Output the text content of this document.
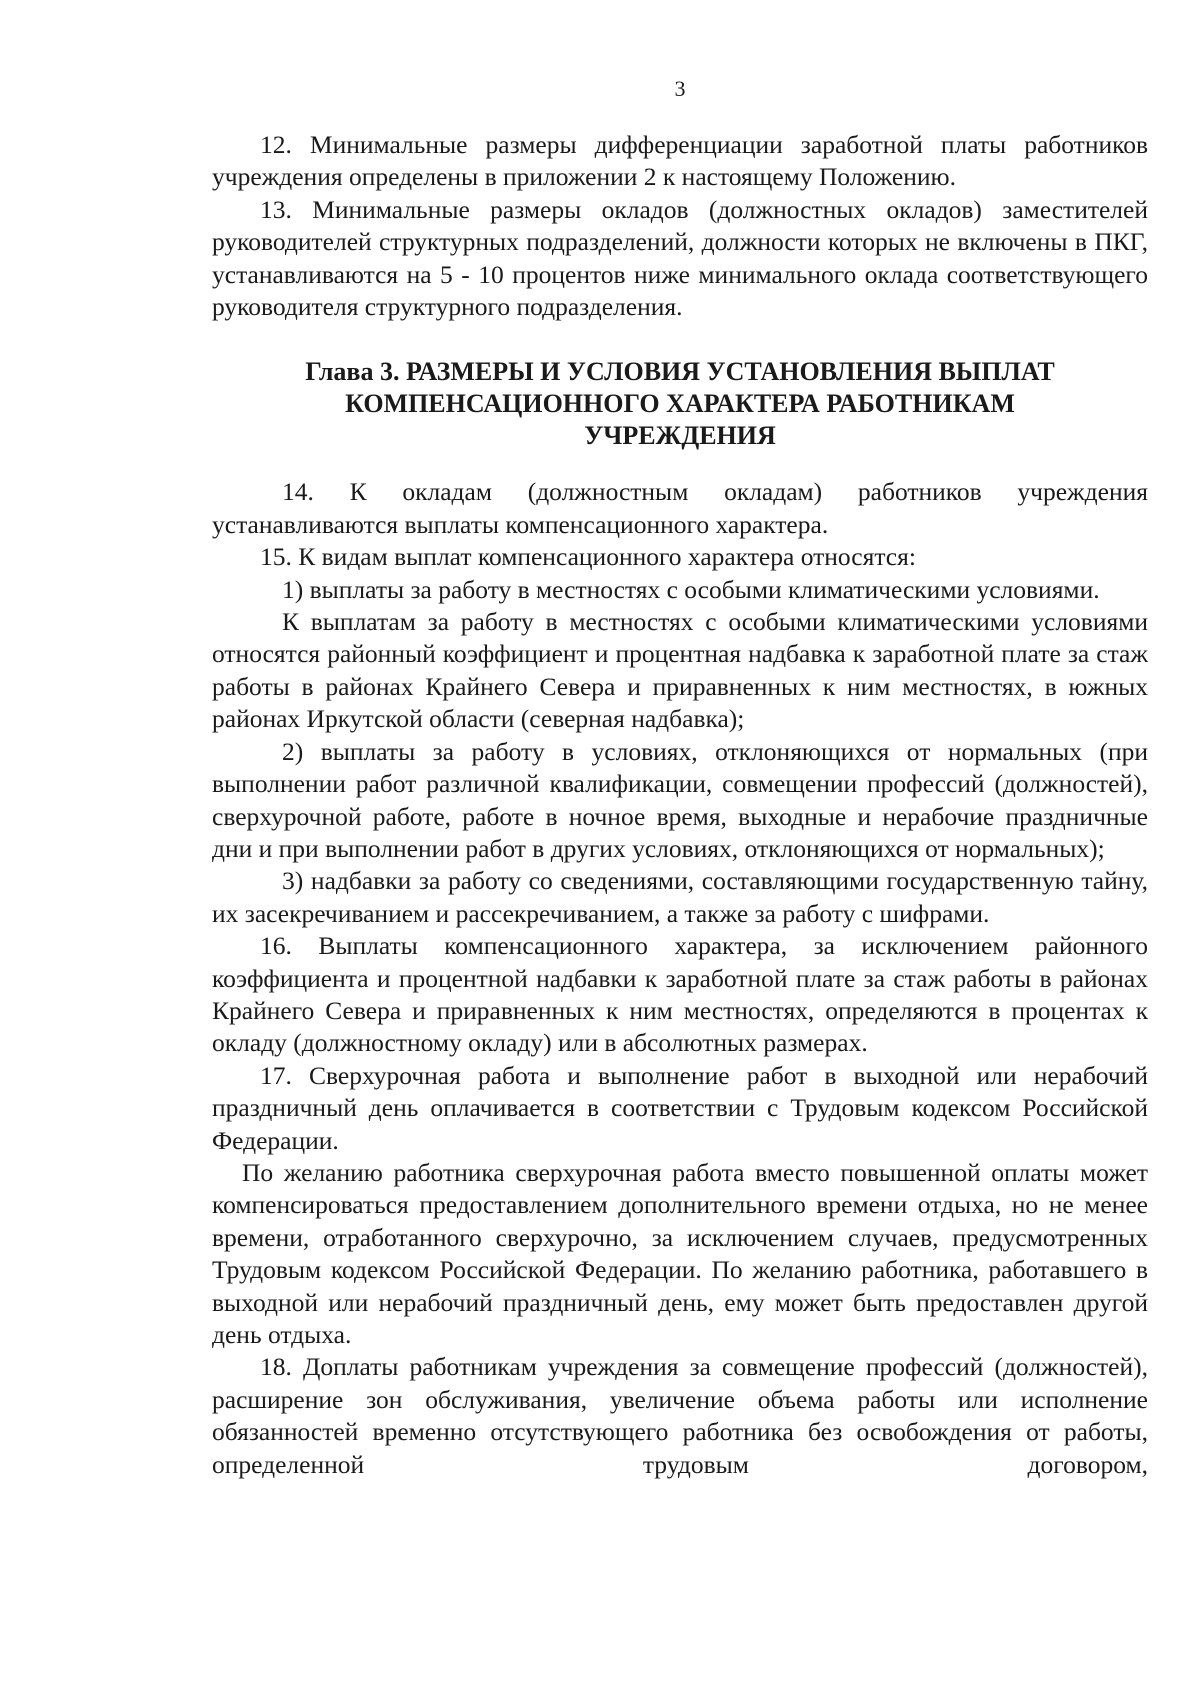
3

12. Минимальные размеры дифференциации заработной платы работников учреждения определены в приложении 2 к настоящему Положению.

13. Минимальные размеры окладов (должностных окладов) заместителей руководителей структурных подразделений, должности которых не включены в ПКГ, устанавливаются на 5 - 10 процентов ниже минимального оклада соответствующего руководителя структурного подразделения.

Глава 3. РАЗМЕРЫ И УСЛОВИЯ УСТАНОВЛЕНИЯ ВЫПЛАТ
КОМПЕНСАЦИОННОГО ХАРАКТЕРА РАБОТНИКАМ
УЧРЕЖДЕНИЯ

14. К окладам (должностным окладам) работников учреждения устанавливаются выплаты компенсационного характера.

15. К видам выплат компенсационного характера относятся:

1) выплаты за работу в местностях с особыми климатическими условиями.

К выплатам за работу в местностях с особыми климатическими условиями относятся районный коэффициент и процентная надбавка к заработной плате за стаж работы в районах Крайнего Севера и приравненных к ним местностях, в южных районах Иркутской области (северная надбавка);

2) выплаты за работу в условиях, отклоняющихся от нормальных (при выполнении работ различной квалификации, совмещении профессий (должностей), сверхурочной работе, работе в ночное время, выходные и нерабочие праздничные дни и при выполнении работ в других условиях, отклоняющихся от нормальных);

3) надбавки за работу со сведениями, составляющими государственную тайну, их засекречиванием и рассекречиванием, а также за работу с шифрами.

16. Выплаты компенсационного характера, за исключением районного коэффициента и процентной надбавки к заработной плате за стаж работы в районах Крайнего Севера и приравненных к ним местностях, определяются в процентах к окладу (должностному окладу) или в абсолютных размерах.

17. Сверхурочная работа и выполнение работ в выходной или нерабочий праздничный день оплачивается в соответствии с Трудовым кодексом Российской Федерации.

По желанию работника сверхурочная работа вместо повышенной оплаты может компенсироваться предоставлением дополнительного времени отдыха, но не менее времени, отработанного сверхурочно, за исключением случаев, предусмотренных Трудовым кодексом Российской Федерации. По желанию работника, работавшего в выходной или нерабочий праздничный день, ему может быть предоставлен другой день отдыха.

18. Доплаты работникам учреждения за совмещение профессий (должностей), расширение зон обслуживания, увеличение объема работы или исполнение обязанностей временно отсутствующего работника без освобождения от работы, определенной трудовым договором,
